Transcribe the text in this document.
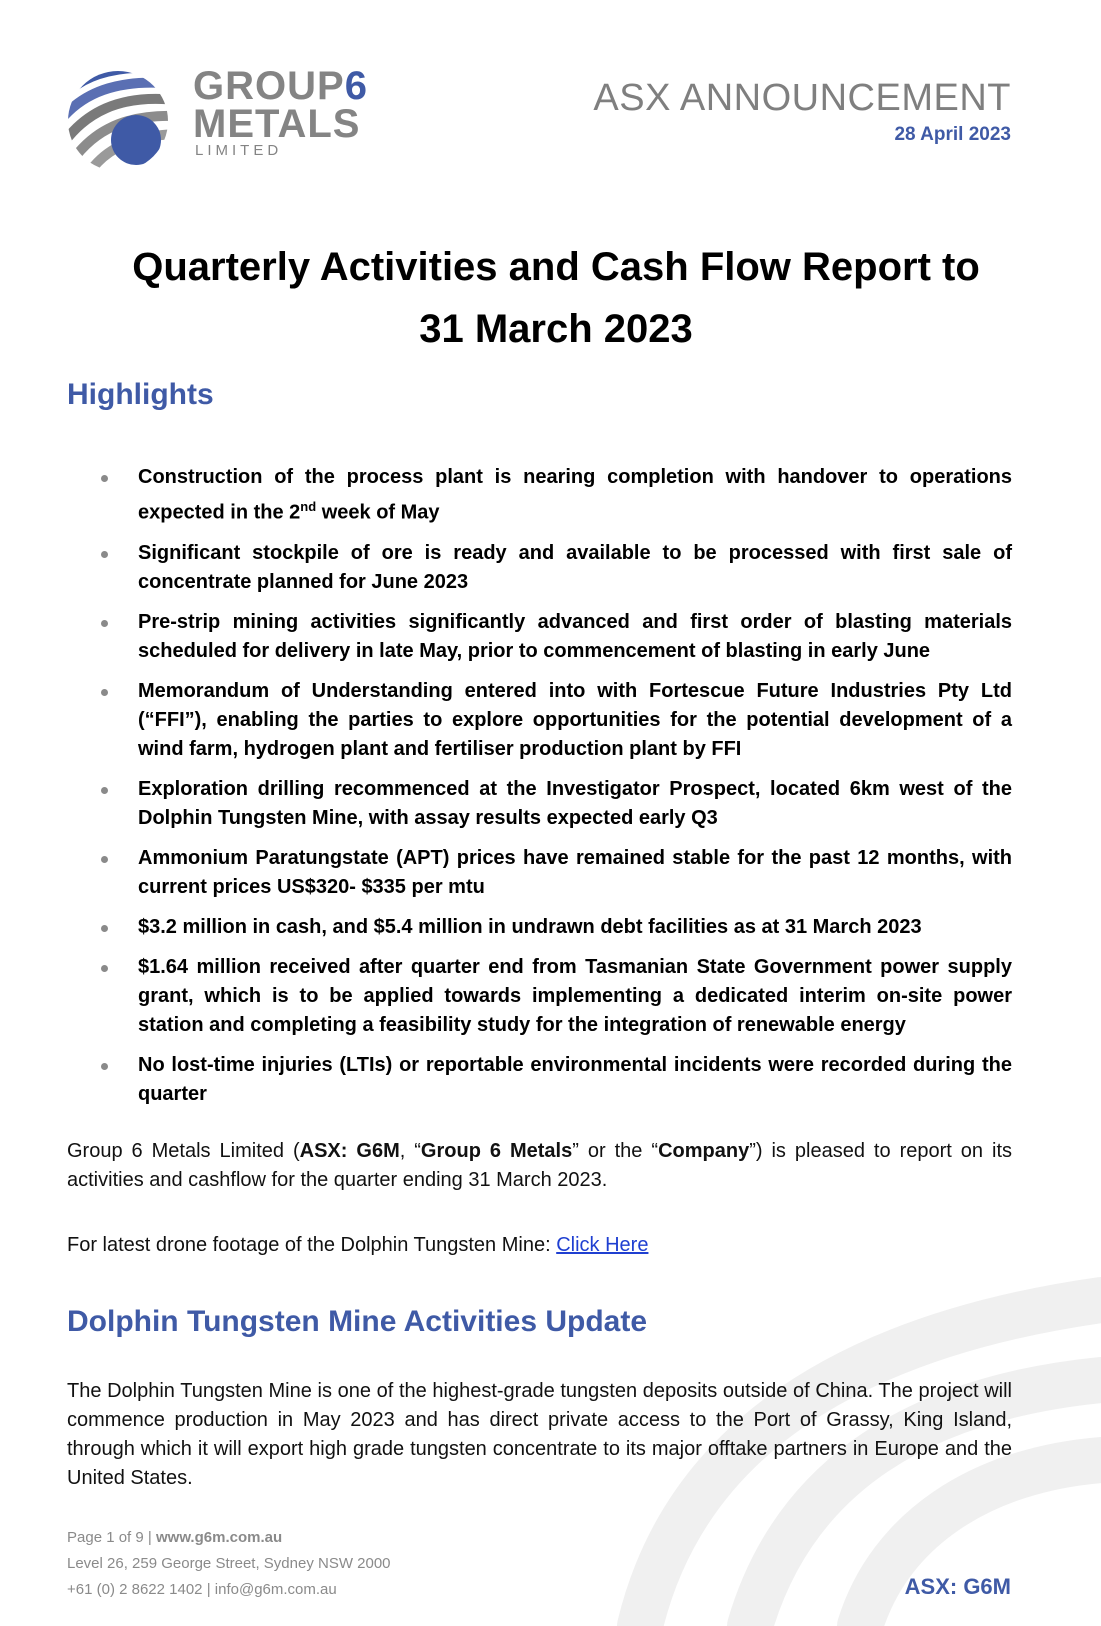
GROUP6
METALS
LIMITED
ASX ANNOUNCEMENT
28 April 2023
Quarterly Activities and Cash Flow Report to
31 March 2023
Highlights
Construction of the process plant is nearing completion with handover to operations expected in the 2nd week of May
Significant stockpile of ore is ready and available to be processed with first sale of concentrate planned for June 2023
Pre-strip mining activities significantly advanced and first order of blasting materials scheduled for delivery in late May, prior to commencement of blasting in early June
Memorandum of Understanding entered into with Fortescue Future Industries Pty Ltd (“FFI”), enabling the parties to explore opportunities for the potential development of a wind farm, hydrogen plant and fertiliser production plant by FFI
Exploration drilling recommenced at the Investigator Prospect, located 6km west of the Dolphin Tungsten Mine, with assay results expected early Q3
Ammonium Paratungstate (APT) prices have remained stable for the past 12 months, with current prices US$320- $335 per mtu
$3.2 million in cash, and $5.4 million in undrawn debt facilities as at 31 March 2023
$1.64 million received after quarter end from Tasmanian State Government power supply grant, which is to be applied towards implementing a dedicated interim on-site power station and completing a feasibility study for the integration of renewable energy
No lost-time injuries (LTIs) or reportable environmental incidents were recorded during the quarter
Group 6 Metals Limited (ASX: G6M, “Group 6 Metals” or the “Company”) is pleased to report on its activities and cashflow for the quarter ending 31 March 2023.
For latest drone footage of the Dolphin Tungsten Mine: Click Here
Dolphin Tungsten Mine Activities Update
The Dolphin Tungsten Mine is one of the highest-grade tungsten deposits outside of China. The project will commence production in May 2023 and has direct private access to the Port of Grassy, King Island, through which it will export high grade tungsten concentrate to its major offtake partners in Europe and the United States.
Page 1 of 9 | www.g6m.com.au
Level 26, 259 George Street, Sydney NSW 2000
+61 (0) 2 8622 1402 | info@g6m.com.au	ASX: G6M
